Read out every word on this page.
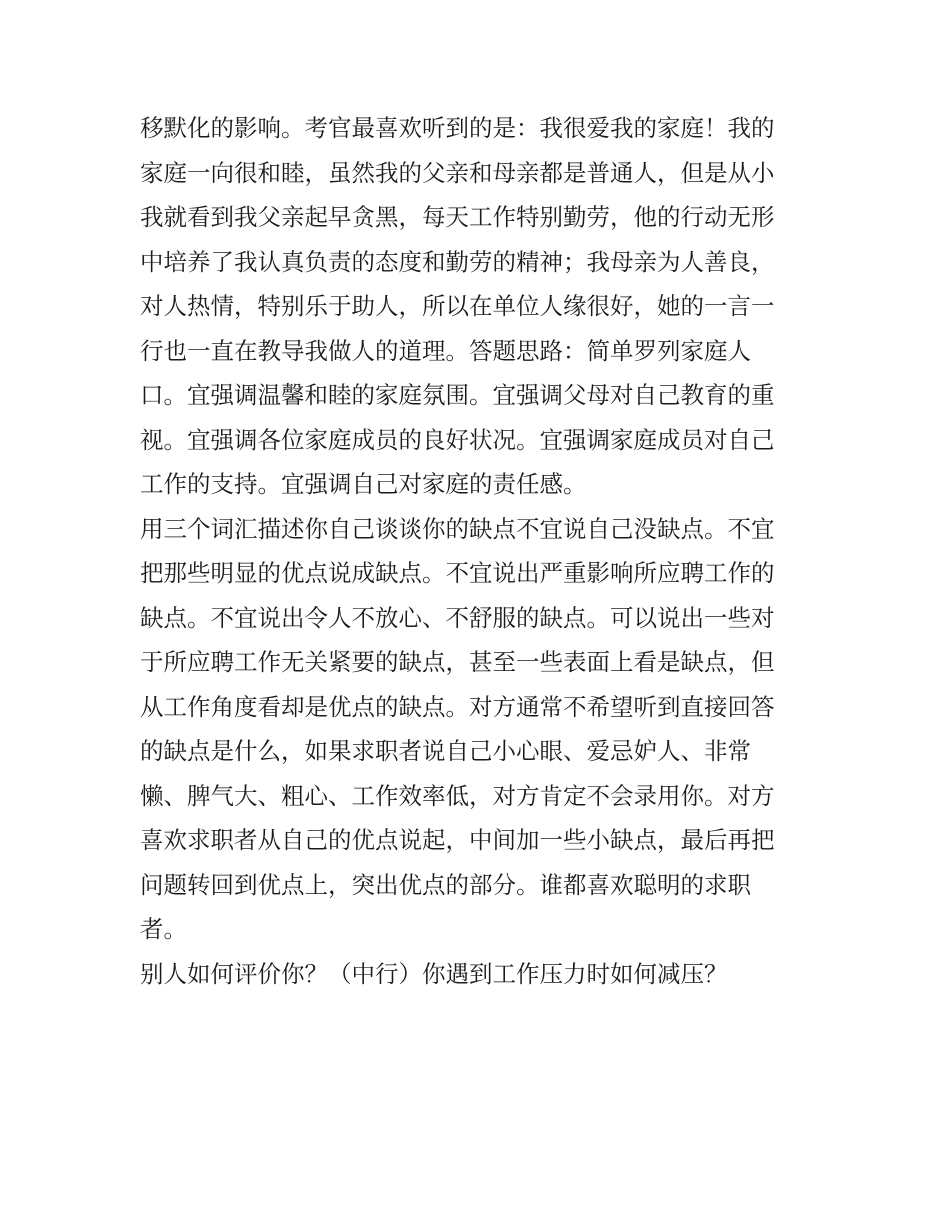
移默化的影响。考官最喜欢听到的是：我很爱我的家庭！我的
家庭一向很和睦，虽然我的父亲和母亲都是普通人，但是从小
我就看到我父亲起早贪黑，每天工作特别勤劳，他的行动无形
中培养了我认真负责的态度和勤劳的精神；我母亲为人善良，
对人热情，特别乐于助人，所以在单位人缘很好，她的一言一
行也一直在教导我做人的道理。答题思路：简单罗列家庭人
口。宜强调温馨和睦的家庭氛围。宜强调父母对自己教育的重
视。宜强调各位家庭成员的良好状况。宜强调家庭成员对自己
工作的支持。宜强调自己对家庭的责任感。
用三个词汇描述你自己谈谈你的缺点不宜说自己没缺点。不宜
把那些明显的优点说成缺点。不宜说出严重影响所应聘工作的
缺点。不宜说出令人不放心、不舒服的缺点。可以说出一些对
于所应聘工作无关紧要的缺点，甚至一些表面上看是缺点，但
从工作角度看却是优点的缺点。对方通常不希望听到直接回答
的缺点是什么，如果求职者说自己小心眼、爱忌妒人、非常
懒、脾气大、粗心、工作效率低，对方肯定不会录用你。对方
喜欢求职者从自己的优点说起，中间加一些小缺点，最后再把
问题转回到优点上，突出优点的部分。谁都喜欢聪明的求职
者。
别人如何评价你？（中行）你遇到工作压力时如何减压？
